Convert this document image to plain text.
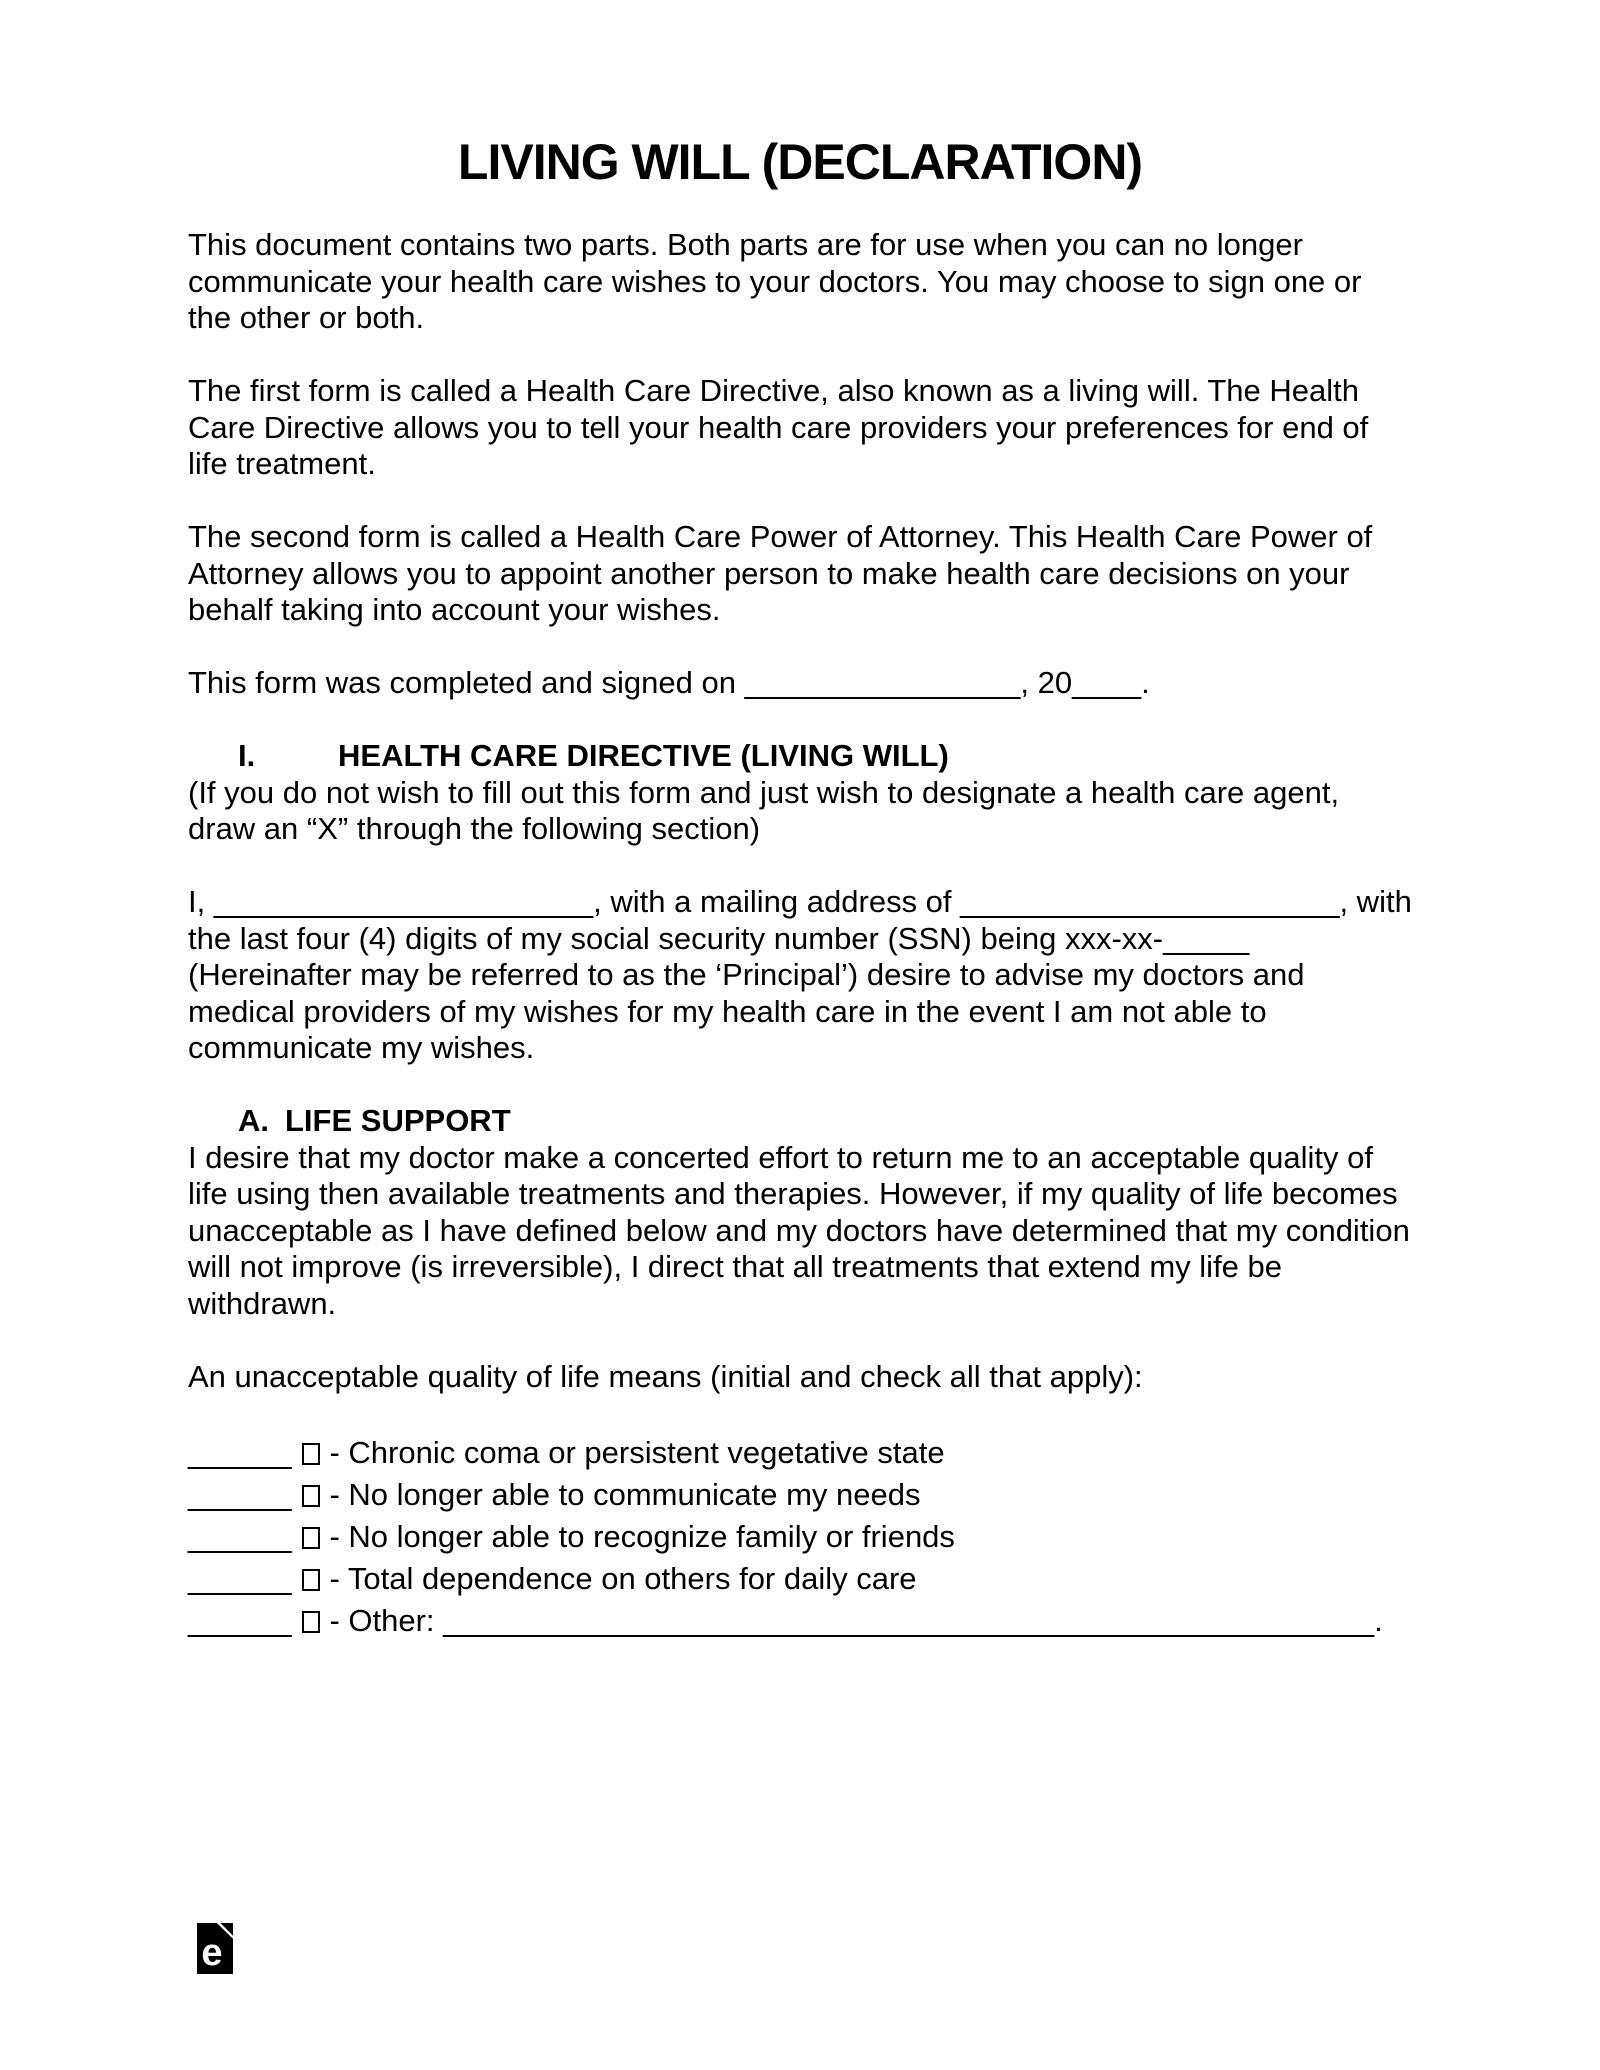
LIVING WILL (DECLARATION)

This document contains two parts. Both parts are for use when you can no longer communicate your health care wishes to your doctors. You may choose to sign one or the other or both.

The first form is called a Health Care Directive, also known as a living will. The Health Care Directive allows you to tell your health care providers your preferences for end of life treatment.

The second form is called a Health Care Power of Attorney. This Health Care Power of Attorney allows you to appoint another person to make health care decisions on your behalf taking into account your wishes.

This form was completed and signed on ________________, 20____.

I.	HEALTH CARE DIRECTIVE (LIVING WILL)

(If you do not wish to fill out this form and just wish to designate a health care agent, draw an “X” through the following section)

I, ______________________, with a mailing address of ______________________, with the last four (4) digits of my social security number (SSN) being xxx-xx-_____ (Hereinafter may be referred to as the ‘Principal’) desire to advise my doctors and medical providers of my wishes for my health care in the event I am not able to communicate my wishes.

A. LIFE SUPPORT

I desire that my doctor make a concerted effort to return me to an acceptable quality of life using then available treatments and therapies. However, if my quality of life becomes unacceptable as I have defined below and my doctors have determined that my condition will not improve (is irreversible), I direct that all treatments that extend my life be withdrawn.

An unacceptable quality of life means (initial and check all that apply):

______ - Chronic coma or persistent vegetative state
______ - No longer able to communicate my needs
______ - No longer able to recognize family or friends
______ - Total dependence on others for daily care
______ - Other: ______________________________________________________.
e
